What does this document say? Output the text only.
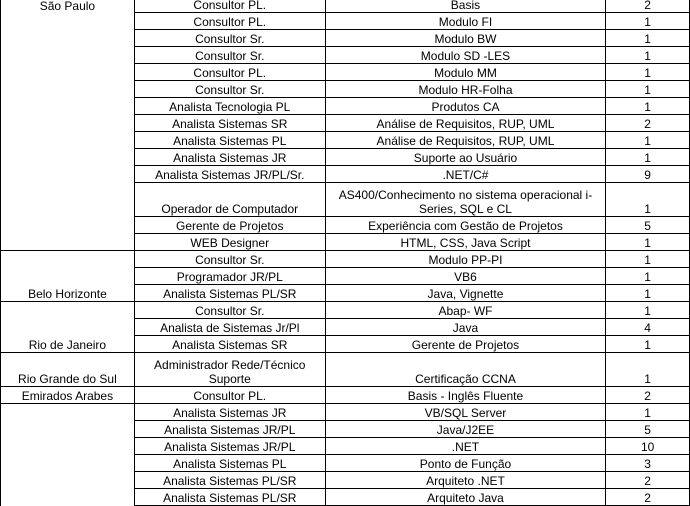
São Paulo	Consultor PL.	Basis	2
	Consultor PL.	Modulo FI	1
	Consultor Sr.	Modulo BW	1
	Consultor Sr.	Modulo SD -LES	1
	Consultor PL.	Modulo MM	1
	Consultor Sr.	Modulo HR-Folha	1
	Analista Tecnologia PL	Produtos CA	1
	Analista Sistemas SR	Análise de Requisitos, RUP, UML	2
	Analista Sistemas PL	Análise de Requisitos, RUP, UML	1
	Analista Sistemas JR	Suporte ao Usuário	1
	Analista Sistemas JR/PL/Sr.	.NET/C#	9
	Operador de Computador	AS400/Conhecimento no sistema operacional i-Series, SQL e CL	1
	Gerente de Projetos	Experiência com Gestão de Projetos	5
	WEB Designer	HTML, CSS, Java Script	1
	Consultor Sr.	Modulo PP-PI	1
	Programador JR/PL	VB6	1
Belo Horizonte	Analista Sistemas PL/SR	Java, Vignette	1
	Consultor Sr.	Abap- WF	1
	Analista de Sistemas Jr/Pl	Java	4
Rio de Janeiro	Analista Sistemas SR	Gerente de Projetos	1
Rio Grande do Sul	Administrador Rede/Técnico Suporte	Certificação CCNA	1
Emirados Arabes	Consultor PL.	Basis - Inglês Fluente	2
	Analista Sistemas JR	VB/SQL Server	1
	Analista Sistemas JR/PL	Java/J2EE	5
	Analista Sistemas JR/PL	.NET	10
	Analista Sistemas PL	Ponto de Função	3
	Analista Sistemas PL/SR	Arquiteto .NET	2
	Analista Sistemas PL/SR	Arquiteto Java	2
